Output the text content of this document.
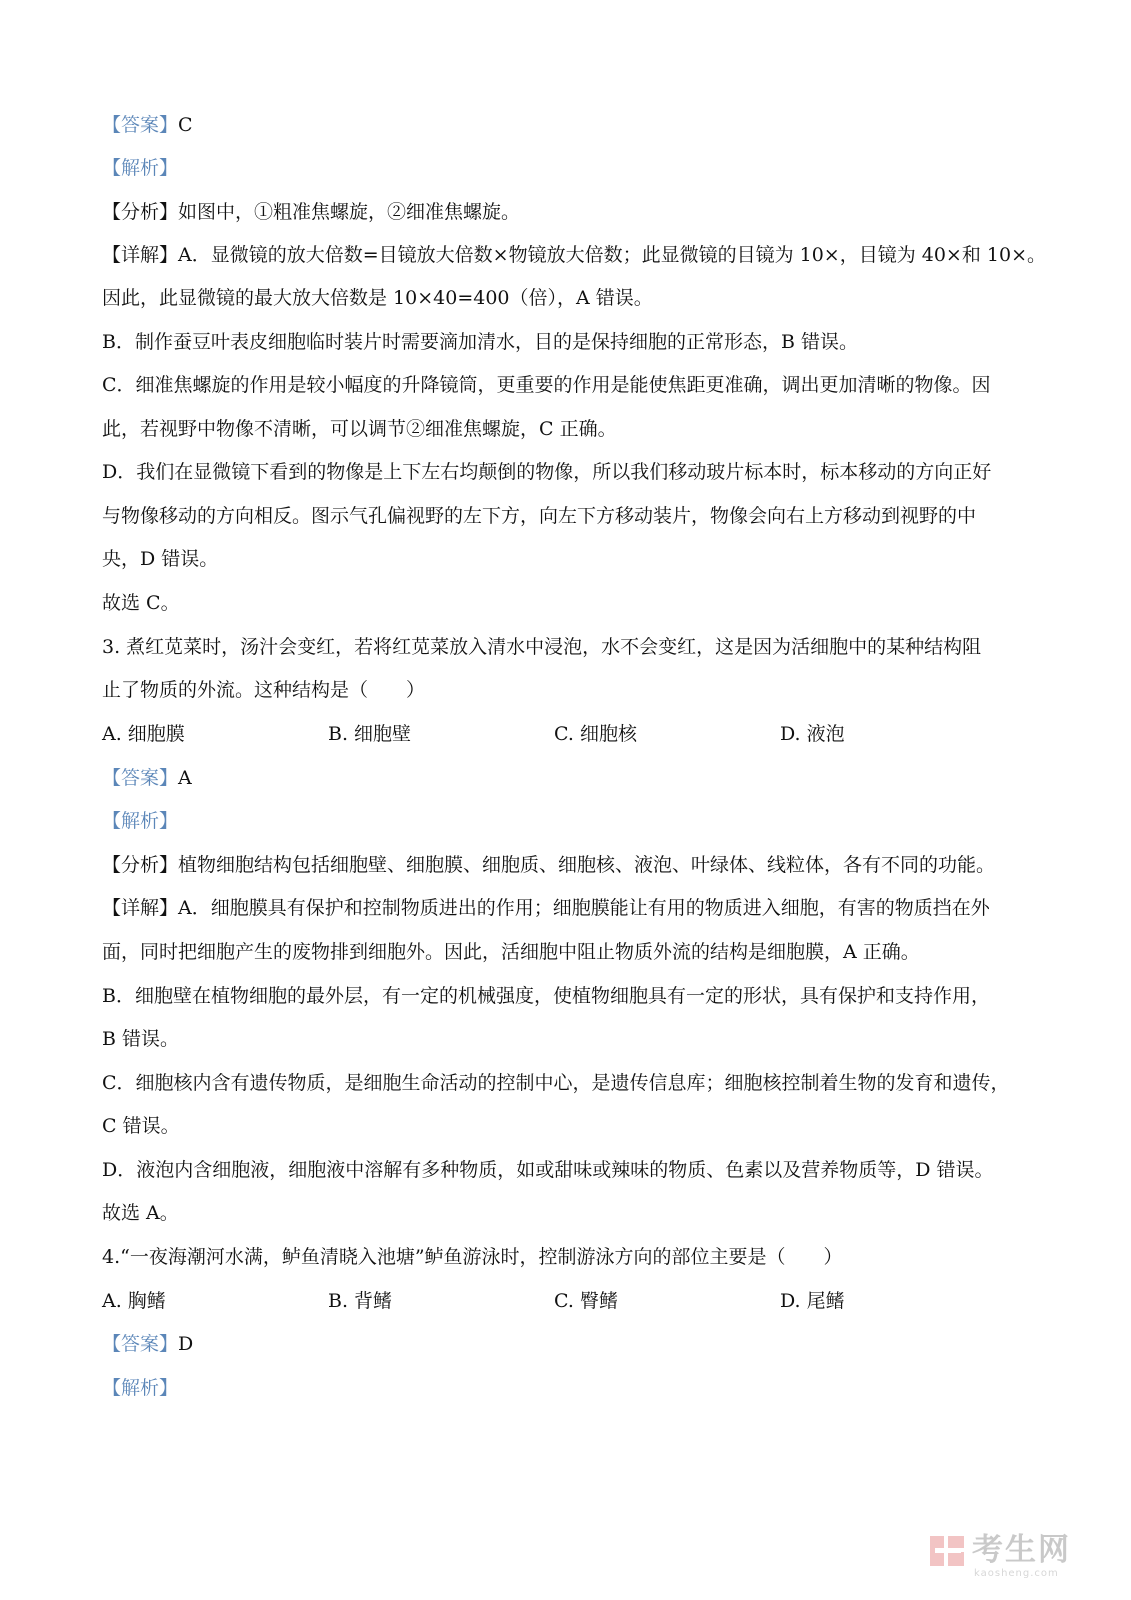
【答案】C
【解析】
【分析】如图中，①粗准焦螺旋，②细准焦螺旋。
【详解】A．显微镜的放大倍数=目镜放大倍数×物镜放大倍数；此显微镜的目镜为 10×，目镜为 40×和 10×。
因此，此显微镜的最大放大倍数是 10×40=400（倍），A 错误。
B．制作蚕豆叶表皮细胞临时装片时需要滴加清水，目的是保持细胞的正常形态，B 错误。
C．细准焦螺旋的作用是较小幅度的升降镜筒，更重要的作用是能使焦距更准确，调出更加清晰的物像。因
此，若视野中物像不清晰，可以调节②细准焦螺旋，C 正确。
D．我们在显微镜下看到的物像是上下左右均颠倒的物像，所以我们移动玻片标本时，标本移动的方向正好
与物像移动的方向相反。图示气孔偏视野的左下方，向左下方移动装片，物像会向右上方移动到视野的中
央，D 错误。
故选 C。
3. 煮红苋菜时，汤汁会变红，若将红苋菜放入清水中浸泡，水不会变红，这是因为活细胞中的某种结构阻
止了物质的外流。这种结构是（　　）
A. 细胞膜	B. 细胞壁	C. 细胞核	D. 液泡
【答案】A
【解析】
【分析】植物细胞结构包括细胞壁、细胞膜、细胞质、细胞核、液泡、叶绿体、线粒体，各有不同的功能。
【详解】A．细胞膜具有保护和控制物质进出的作用；细胞膜能让有用的物质进入细胞，有害的物质挡在外
面，同时把细胞产生的废物排到细胞外。因此，活细胞中阻止物质外流的结构是细胞膜，A 正确。
B．细胞壁在植物细胞的最外层，有一定的机械强度，使植物细胞具有一定的形状，具有保护和支持作用，
B 错误。
C．细胞核内含有遗传物质，是细胞生命活动的控制中心，是遗传信息库；细胞核控制着生物的发育和遗传，
C 错误。
D．液泡内含细胞液，细胞液中溶解有多种物质，如或甜味或辣味的物质、色素以及营养物质等，D 错误。
故选 A。
4.“一夜海潮河水满，鲈鱼清晓入池塘”鲈鱼游泳时，控制游泳方向的部位主要是（　　）
A. 胸鳍	B. 背鳍	C. 臀鳍	D. 尾鳍
【答案】D
【解析】
考生网
kaosheng.com
